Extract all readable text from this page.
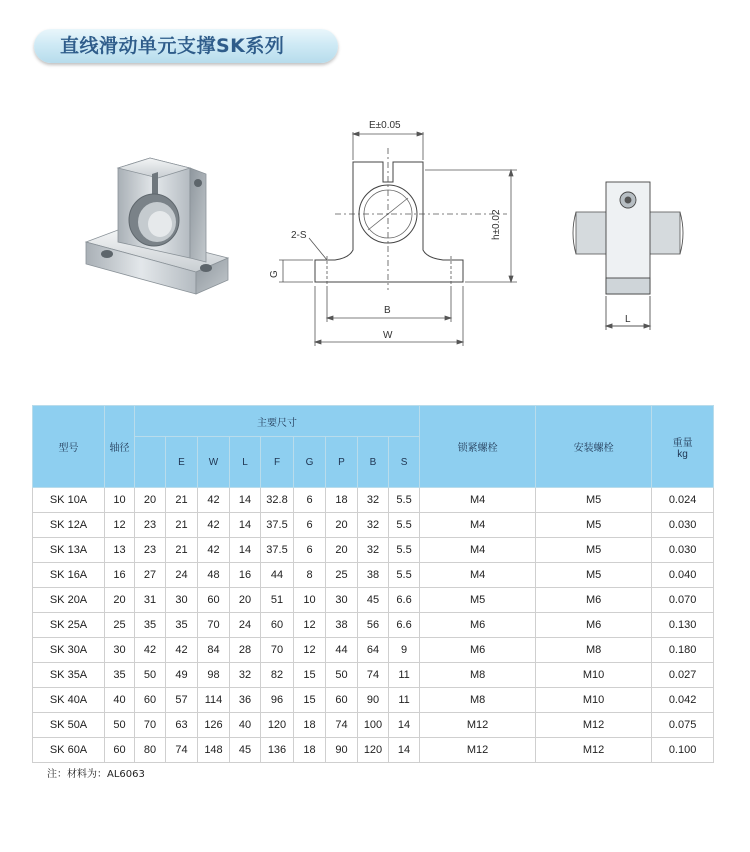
直线滑动单元支撑SK系列
E±0.05
2-S
G
h±0.02
B
W
L
型号	轴径	主要尺寸									锁紧螺栓	安装螺栓	重量
kg

			E	W	L	F	G	P	B	S			
SK 10A	10	20	21	42	14	32.8	6	18	32	5.5	M4	M5	0.024
SK 12A	12	23	21	42	14	37.5	6	20	32	5.5	M4	M5	0.030
SK 13A	13	23	21	42	14	37.5	6	20	32	5.5	M4	M5	0.030
SK 16A	16	27	24	48	16	44	8	25	38	5.5	M4	M5	0.040
SK 20A	20	31	30	60	20	51	10	30	45	6.6	M5	M6	0.070
SK 25A	25	35	35	70	24	60	12	38	56	6.6	M6	M6	0.130
SK 30A	30	42	42	84	28	70	12	44	64	9	M6	M8	0.180
SK 35A	35	50	49	98	32	82	15	50	74	11	M8	M10	0.027
SK 40A	40	60	57	114	36	96	15	60	90	11	M8	M10	0.042
SK 50A	50	70	63	126	40	120	18	74	100	14	M12	M12	0.075
SK 60A	60	80	74	148	45	136	18	90	120	14	M12	M12	0.100
注：材料为：AL6063
